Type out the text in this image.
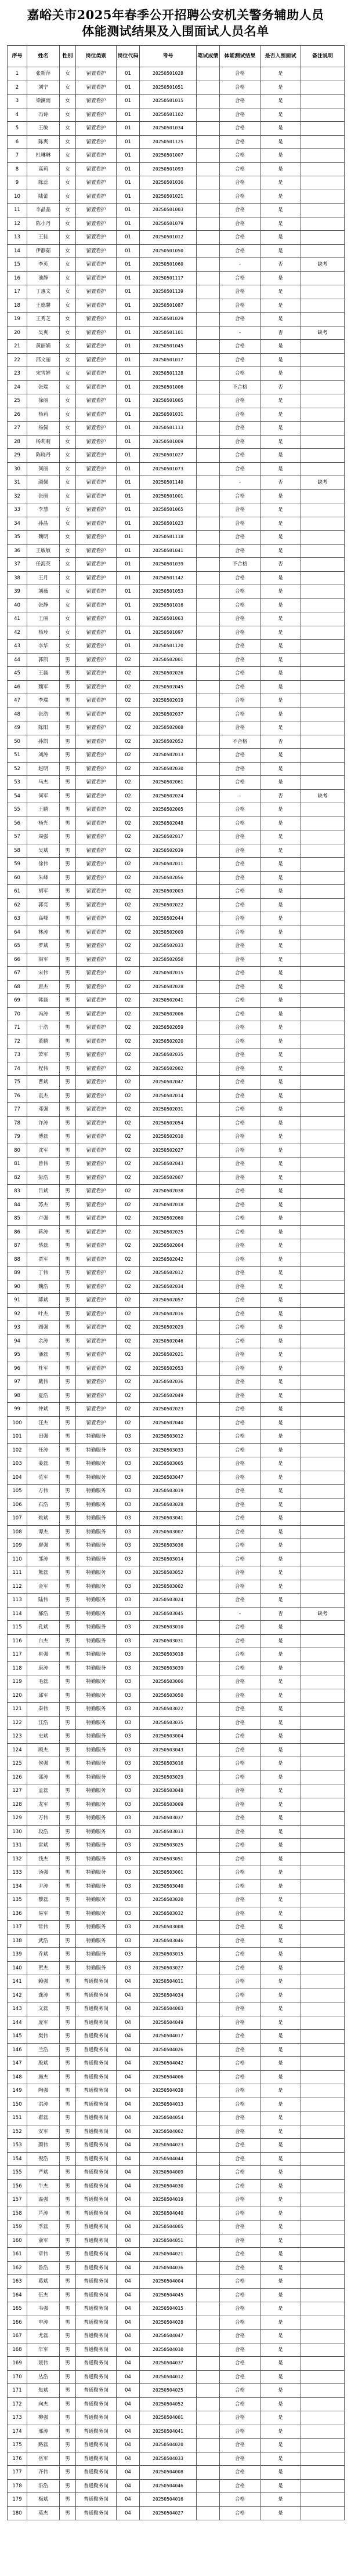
嘉峪关市2025年春季公开招聘公安机关警务辅助人员
体能测试结果及入围面试人员名单
序号	姓名	性别	岗位类别	岗位代码	考号	笔试成绩	体能测试结果	是否入围面试	备注说明
1	张新萍	女	留置看护	01	20250501028		合格	是	
2	刘宁	女	留置看护	01	20250501051		合格	是	
3	梁澜雨	女	留置看护	01	20250501015		合格	是	
4	冯诗	女	留置看护	01	20250501102		合格	是	
5	王敏	女	留置看护	01	20250501034		合格	是	
6	陈爽	女	留置看护	01	20250501125		合格	是	
7	杜琳琳	女	留置看护	01	20250501007		合格	是	
8	高莉	女	留置看护	01	20250501093		合格	是	
9	陈蕊	女	留置看护	01	20250501036		合格	是	
10	陆蕾	女	留置看护	01	20250501021		合格	是	
11	李晶晶	女	留置看护	01	20250501003		合格	是	
12	陈小丹	女	留置看护	01	20250501079		合格	是	
13	王佳	女	留置看护	01	20250501012		合格	是	
14	伊静茹	女	留置看护	01	20250501050		合格	是	
15	李英	女	留置看护	01	20250501060		-	否	缺考
16	池静	女	留置看护	01	20250501117		合格	是	
17	丁惠文	女	留置看护	01	20250501139		合格	是	
18	王德馨	女	留置看护	01	20250501087		合格	是	
19	王秀芝	女	留置看护	01	20250501029		合格	是	
20	吴爽	女	留置看护	01	20250501101		-	否	缺考
21	黄丽娟	女	留置看护	01	20250501045		合格	是	
22	邵文丽	女	留置看护	01	20250501017		合格	是	
23	宋雪婷	女	留置看护	01	20250501128		合格	是	
24	张瑞	女	留置看护	01	20250501006		不合格	否	
25	徐丽	女	留置看护	01	20250501005		合格	是	
26	杨莉	女	留置看护	01	20250501031		合格	是	
27	杨佩	女	留置看护	01	20250501113		合格	是	
28	杨莉莉	女	留置看护	01	20250501009		合格	是	
29	陈晓丹	女	留置看护	01	20250501027		合格	是	
30	何丽	女	留置看护	01	20250501073		合格	是	
31	颜佩	女	留置看护	01	20250501140		-	否	缺考
32	张丽	女	留置看护	01	20250501001		合格	是	
33	李慧	女	留置看护	01	20250501065		合格	是	
34	孙晶	女	留置看护	01	20250501023		合格	是	
35	魏明	女	留置看护	01	20250501118		合格	是	
36	王敏敏	女	留置看护	01	20250501041		合格	是	
37	任海英	女	留置看护	01	20250501039		不合格	否	
38	王月	女	留置看护	01	20250501142		合格	是	
39	刘薇	女	留置看护	01	20250501053		合格	是	
40	张静	女	留置看护	01	20250501016		合格	是	
41	王丽	女	留置看护	01	20250501063		合格	是	
42	杨珍	女	留置看护	01	20250501097		合格	是	
43	李华	女	留置看护	01	20250501120		合格	是	
44	郭凯	男	留置看护	02	20250502001		合格	是	
45	王磊	男	留置看护	02	20250502026		合格	是	
46	魏军	男	留置看护	02	20250502045		合格	是	
47	李瑞	男	留置看护	02	20250502019		合格	是	
48	张浩	男	留置看护	02	20250502037		合格	是	
49	陈阳	男	留置看护	02	20250502008		合格	是	
50	孙凯	男	留置看护	02	20250502052		不合格	否	
51	刘涛	男	留置看护	02	20250502013		合格	是	
52	赵明	男	留置看护	02	20250502030		合格	是	
53	马杰	男	留置看护	02	20250502061		合格	是	
54	何军	男	留置看护	02	20250502024		-	否	缺考
55	王鹏	男	留置看护	02	20250502005		合格	是	
56	杨光	男	留置看护	02	20250502048		合格	是	
57	周强	男	留置看护	02	20250502017		合格	是	
58	吴斌	男	留置看护	02	20250502039		合格	是	
59	徐伟	男	留置看护	02	20250502011		合格	是	
60	朱峰	男	留置看护	02	20250502056		合格	是	
61	胡军	男	留置看护	02	20250502003		合格	是	
62	郭亮	男	留置看护	02	20250502022		合格	是	
63	高峰	男	留置看护	02	20250502044		合格	是	
64	林涛	男	留置看护	02	20250502009		合格	是	
65	罗斌	男	留置看护	02	20250502033		合格	是	
66	梁军	男	留置看护	02	20250502050		合格	是	
67	宋伟	男	留置看护	02	20250502015		合格	是	
68	唐杰	男	留置看护	02	20250502028		合格	是	
69	韩磊	男	留置看护	02	20250502041		合格	是	
70	冯涛	男	留置看护	02	20250502006		合格	是	
71	于浩	男	留置看护	02	20250502059		合格	是	
72	董鹏	男	留置看护	02	20250502020		合格	是	
73	萧军	男	留置看护	02	20250502035		合格	是	
74	程伟	男	留置看护	02	20250502002		合格	是	
75	曹斌	男	留置看护	02	20250502047		合格	是	
76	袁杰	男	留置看护	02	20250502014		合格	是	
77	邓强	男	留置看护	02	20250502031		合格	是	
78	许涛	男	留置看护	02	20250502054		合格	是	
79	傅磊	男	留置看护	02	20250502010		合格	是	
80	沈军	男	留置看护	02	20250502027		合格	是	
81	曾伟	男	留置看护	02	20250502043		合格	是	
82	彭浩	男	留置看护	02	20250502007		合格	是	
83	吕斌	男	留置看护	02	20250502038		合格	是	
84	苏杰	男	留置看护	02	20250502018		合格	是	
85	卢强	男	留置看护	02	20250502060		合格	是	
86	蒋涛	男	留置看护	02	20250502025		合格	是	
87	蔡磊	男	留置看护	02	20250502004		合格	是	
88	贾军	男	留置看护	02	20250502042		合格	是	
89	丁伟	男	留置看护	02	20250502012		合格	是	
90	魏浩	男	留置看护	02	20250502034		合格	是	
91	薛斌	男	留置看护	02	20250502057		合格	是	
92	叶杰	男	留置看护	02	20250502016		合格	是	
93	阎强	男	留置看护	02	20250502029		合格	是	
94	余涛	男	留置看护	02	20250502046		合格	是	
95	潘磊	男	留置看护	02	20250502021		合格	是	
96	杜军	男	留置看护	02	20250502053		合格	是	
97	戴伟	男	留置看护	02	20250502036		合格	是	
98	夏浩	男	留置看护	02	20250502049		合格	是	
99	钟斌	男	留置看护	02	20250502023		合格	是	
100	汪杰	男	留置看护	02	20250502040		合格	是	
101	田强	男	特勤服务	03	20250503012		合格	是	
102	任涛	男	特勤服务	03	20250503033		合格	是	
103	姜磊	男	特勤服务	03	20250503005		合格	是	
104	范军	男	特勤服务	03	20250503047		合格	是	
105	方伟	男	特勤服务	03	20250503019		合格	是	
106	石浩	男	特勤服务	03	20250503028		合格	是	
107	姚斌	男	特勤服务	03	20250503041		合格	是	
108	谭杰	男	特勤服务	03	20250503007		合格	是	
109	廖强	男	特勤服务	03	20250503036		合格	是	
110	邹涛	男	特勤服务	03	20250503014		合格	是	
111	熊磊	男	特勤服务	03	20250503052		合格	是	
112	金军	男	特勤服务	03	20250503002		合格	是	
113	陆伟	男	特勤服务	03	20250503024		合格	是	
114	郝浩	男	特勤服务	03	20250503045		-	否	缺考
115	孔斌	男	特勤服务	03	20250503010		合格	是	
116	白杰	男	特勤服务	03	20250503031		合格	是	
117	崔强	男	特勤服务	03	20250503018		合格	是	
118	康涛	男	特勤服务	03	20250503039		合格	是	
119	毛磊	男	特勤服务	03	20250503006		合格	是	
120	邱军	男	特勤服务	03	20250503050		合格	是	
121	秦伟	男	特勤服务	03	20250503022		合格	是	
122	江浩	男	特勤服务	03	20250503035		合格	是	
123	史斌	男	特勤服务	03	20250503004		合格	是	
124	顾杰	男	特勤服务	03	20250503043		合格	是	
125	侯强	男	特勤服务	03	20250503016		合格	是	
126	邵涛	男	特勤服务	03	20250503029		合格	是	
127	孟磊	男	特勤服务	03	20250503048		合格	是	
128	龙军	男	特勤服务	03	20250503009		合格	是	
129	万伟	男	特勤服务	03	20250503037		合格	是	
130	段浩	男	特勤服务	03	20250503013		合格	是	
131	雷斌	男	特勤服务	03	20250503025		合格	是	
132	钱杰	男	特勤服务	03	20250503051		合格	是	
133	汤强	男	特勤服务	03	20250503001		合格	是	
134	尹涛	男	特勤服务	03	20250503040		合格	是	
135	黎磊	男	特勤服务	03	20250503020		合格	是	
136	易军	男	特勤服务	03	20250503032		合格	是	
137	常伟	男	特勤服务	03	20250503008		合格	是	
138	武浩	男	特勤服务	03	20250503046		合格	是	
139	乔斌	男	特勤服务	03	20250503015		合格	是	
140	贺杰	男	特勤服务	03	20250503027		合格	是	
141	赖强	男	普通勤务岗	04	20250504011		合格	是	
142	龚涛	男	普通勤务岗	04	20250504034		合格	是	
143	文磊	男	普通勤务岗	04	20250504003		合格	是	
144	庞军	男	普通勤务岗	04	20250504049		合格	是	
145	樊伟	男	普通勤务岗	04	20250504017		合格	是	
146	兰浩	男	普通勤务岗	04	20250504026		合格	是	
147	殷斌	男	普通勤务岗	04	20250504042		合格	是	
148	施杰	男	普通勤务岗	04	20250504006		合格	是	
149	陶强	男	普通勤务岗	04	20250504038		合格	是	
150	洪涛	男	普通勤务岗	04	20250504013		合格	是	
151	翟磊	男	普通勤务岗	04	20250504054		合格	是	
152	安军	男	普通勤务岗	04	20250504002		合格	是	
153	颜伟	男	普通勤务岗	04	20250504023		合格	是	
154	倪浩	男	普通勤务岗	04	20250504044		合格	是	
155	严斌	男	普通勤务岗	04	20250504009		合格	是	
156	牛杰	男	普通勤务岗	04	20250504030		合格	是	
157	温强	男	普通勤务岗	04	20250504019		合格	是	
158	芦涛	男	普通勤务岗	04	20250504040		合格	是	
159	季磊	男	普通勤务岗	04	20250504005		合格	是	
160	俞军	男	普通勤务岗	04	20250504051		合格	是	
161	章伟	男	普通勤务岗	04	20250504021		合格	是	
162	鲁浩	男	普通勤务岗	04	20250504036		合格	是	
163	葛斌	男	普通勤务岗	04	20250504004		合格	是	
164	伍杰	男	普通勤务岗	04	20250504045		合格	是	
165	韦强	男	普通勤务岗	04	20250504015		合格	是	
166	申涛	男	普通勤务岗	04	20250504028		合格	是	
167	尤磊	男	普通勤务岗	04	20250504047		合格	是	
168	毕军	男	普通勤务岗	04	20250504010		合格	是	
169	聂伟	男	普通勤务岗	04	20250504037		合格	是	
170	丛浩	男	普通勤务岗	04	20250504012		合格	是	
171	焦斌	男	普通勤务岗	04	20250504025		合格	是	
172	向杰	男	普通勤务岗	04	20250504052		合格	是	
173	柳强	男	普通勤务岗	04	20250504001		合格	是	
174	邢涛	男	普通勤务岗	04	20250504041		合格	是	
175	路磊	男	普通勤务岗	04	20250504020		合格	是	
176	岳军	男	普通勤务岗	04	20250504033		合格	是	
177	齐伟	男	普通勤务岗	04	20250504008		合格	是	
178	沿浩	男	普通勤务岗	04	20250504046		合格	是	
179	梅斌	男	普通勤务岗	04	20250504016		合格	是	
180	莫杰	男	普通勤务岗	04	20250504027		合格	是	
